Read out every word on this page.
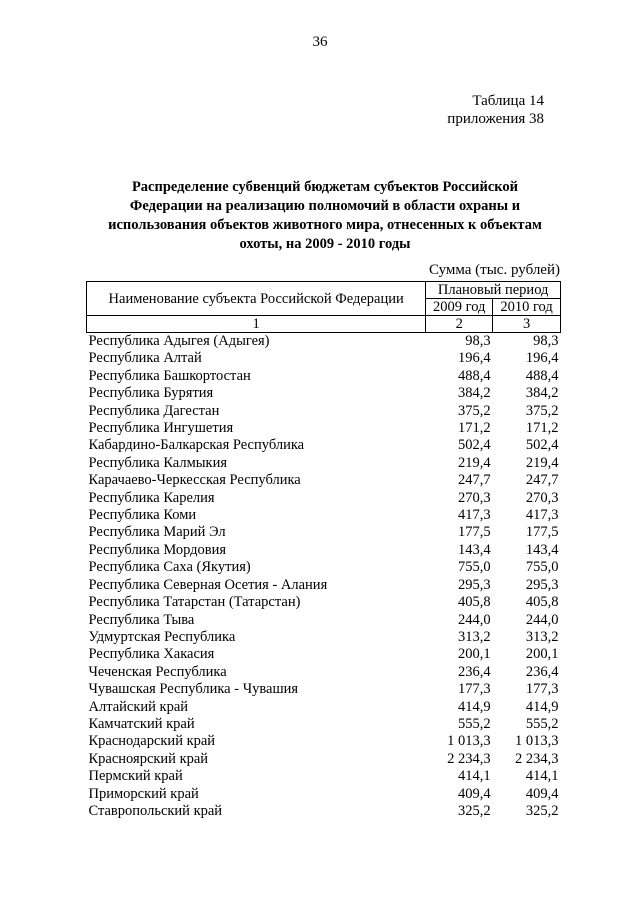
36
Таблица 14
приложения 38
Распределение субвенций бюджетам субъектов Российской
Федерации на реализацию полномочий в области охраны и
использования объектов животного мира, отнесенных к объектам
охоты, на 2009 - 2010 годы
Сумма (тыс. рублей)
Наименование субъекта Российской Федерации	Плановый период	
	2009 год	2010 год
1	2	3
Республика Адыгея (Адыгея)	98,3	98,3
Республика Алтай	196,4	196,4
Республика Башкортостан	488,4	488,4
Республика Бурятия	384,2	384,2
Республика Дагестан	375,2	375,2
Республика Ингушетия	171,2	171,2
Кабардино-Балкарская Республика	502,4	502,4
Республика Калмыкия	219,4	219,4
Карачаево-Черкесская Республика	247,7	247,7
Республика Карелия	270,3	270,3
Республика Коми	417,3	417,3
Республика Марий Эл	177,5	177,5
Республика Мордовия	143,4	143,4
Республика Саха (Якутия)	755,0	755,0
Республика Северная Осетия - Алания	295,3	295,3
Республика Татарстан (Татарстан)	405,8	405,8
Республика Тыва	244,0	244,0
Удмуртская Республика	313,2	313,2
Республика Хакасия	200,1	200,1
Чеченская Республика	236,4	236,4
Чувашская Республика - Чувашия	177,3	177,3
Алтайский край	414,9	414,9
Камчатский край	555,2	555,2
Краснодарский край	1 013,3	1 013,3
Красноярский край	2 234,3	2 234,3
Пермский край	414,1	414,1
Приморский край	409,4	409,4
Ставропольский край	325,2	325,2
